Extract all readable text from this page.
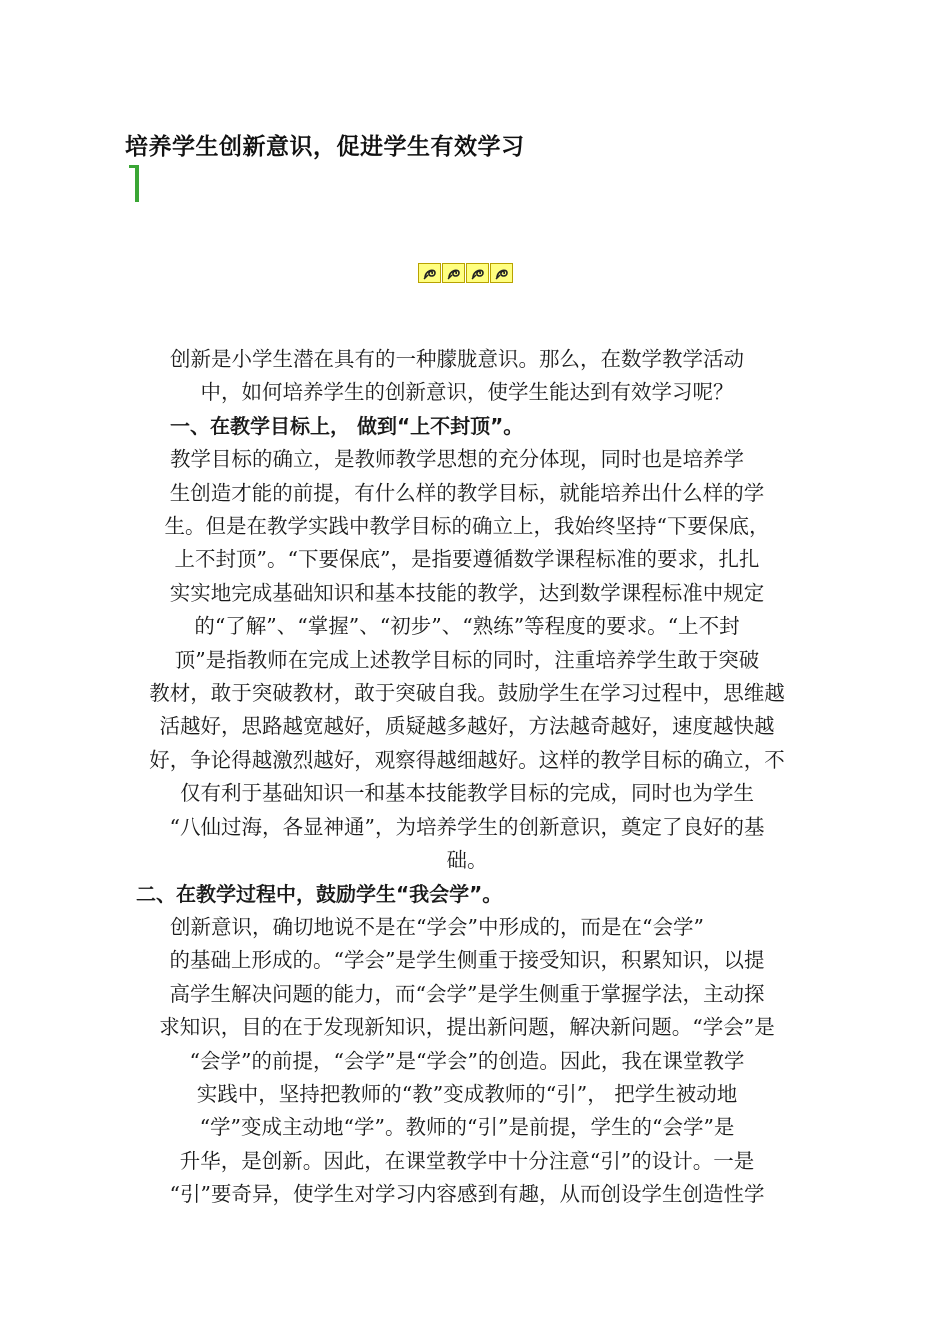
培养学生创新意识，促进学生有效学习

创新是小学生潜在具有的一种朦胧意识。那么，在数学教学活动

中，如何培养学生的创新意识，使学生能达到有效学习呢？

一、在教学目标上， 做到“上不封顶”。

教学目标的确立，是教师教学思想的充分体现，同时也是培养学

生创造才能的前提，有什么样的教学目标，就能培养出什么样的学

生。但是在教学实践中教学目标的确立上，我始终坚持“下要保底，

上不封顶”。“下要保底”，是指要遵循数学课程标准的要求，扎扎

实实地完成基础知识和基本技能的教学，达到数学课程标准中规定

的“了解”、“掌握”、“初步”、“熟练”等程度的要求。“上不封

顶”是指教师在完成上述教学目标的同时，注重培养学生敢于突破

教材，敢于突破教材，敢于突破自我。鼓励学生在学习过程中，思维越

活越好，思路越宽越好，质疑越多越好，方法越奇越好，速度越快越

好，争论得越激烈越好，观察得越细越好。这样的教学目标的确立，不

仅有利于基础知识一和基本技能教学目标的完成，同时也为学生

“八仙过海，各显神通”，为培养学生的创新意识，奠定了良好的基

础。

二、在教学过程中，鼓励学生“我会学”。

创新意识，确切地说不是在“学会”中形成的，而是在“会学”

的基础上形成的。“学会”是学生侧重于接受知识，积累知识，以提

高学生解决问题的能力，而“会学”是学生侧重于掌握学法，主动探

求知识，目的在于发现新知识，提出新问题，解决新问题。“学会”是

“会学”的前提，“会学”是“学会”的创造。因此，我在课堂教学

实践中，坚持把教师的“教”变成教师的“引”， 把学生被动地

“学”变成主动地“学”。教师的“引”是前提，学生的“会学”是

升华，是创新。因此，在课堂教学中十分注意“引”的设计。一是

“引”要奇异，使学生对学习内容感到有趣，从而创设学生创造性学
